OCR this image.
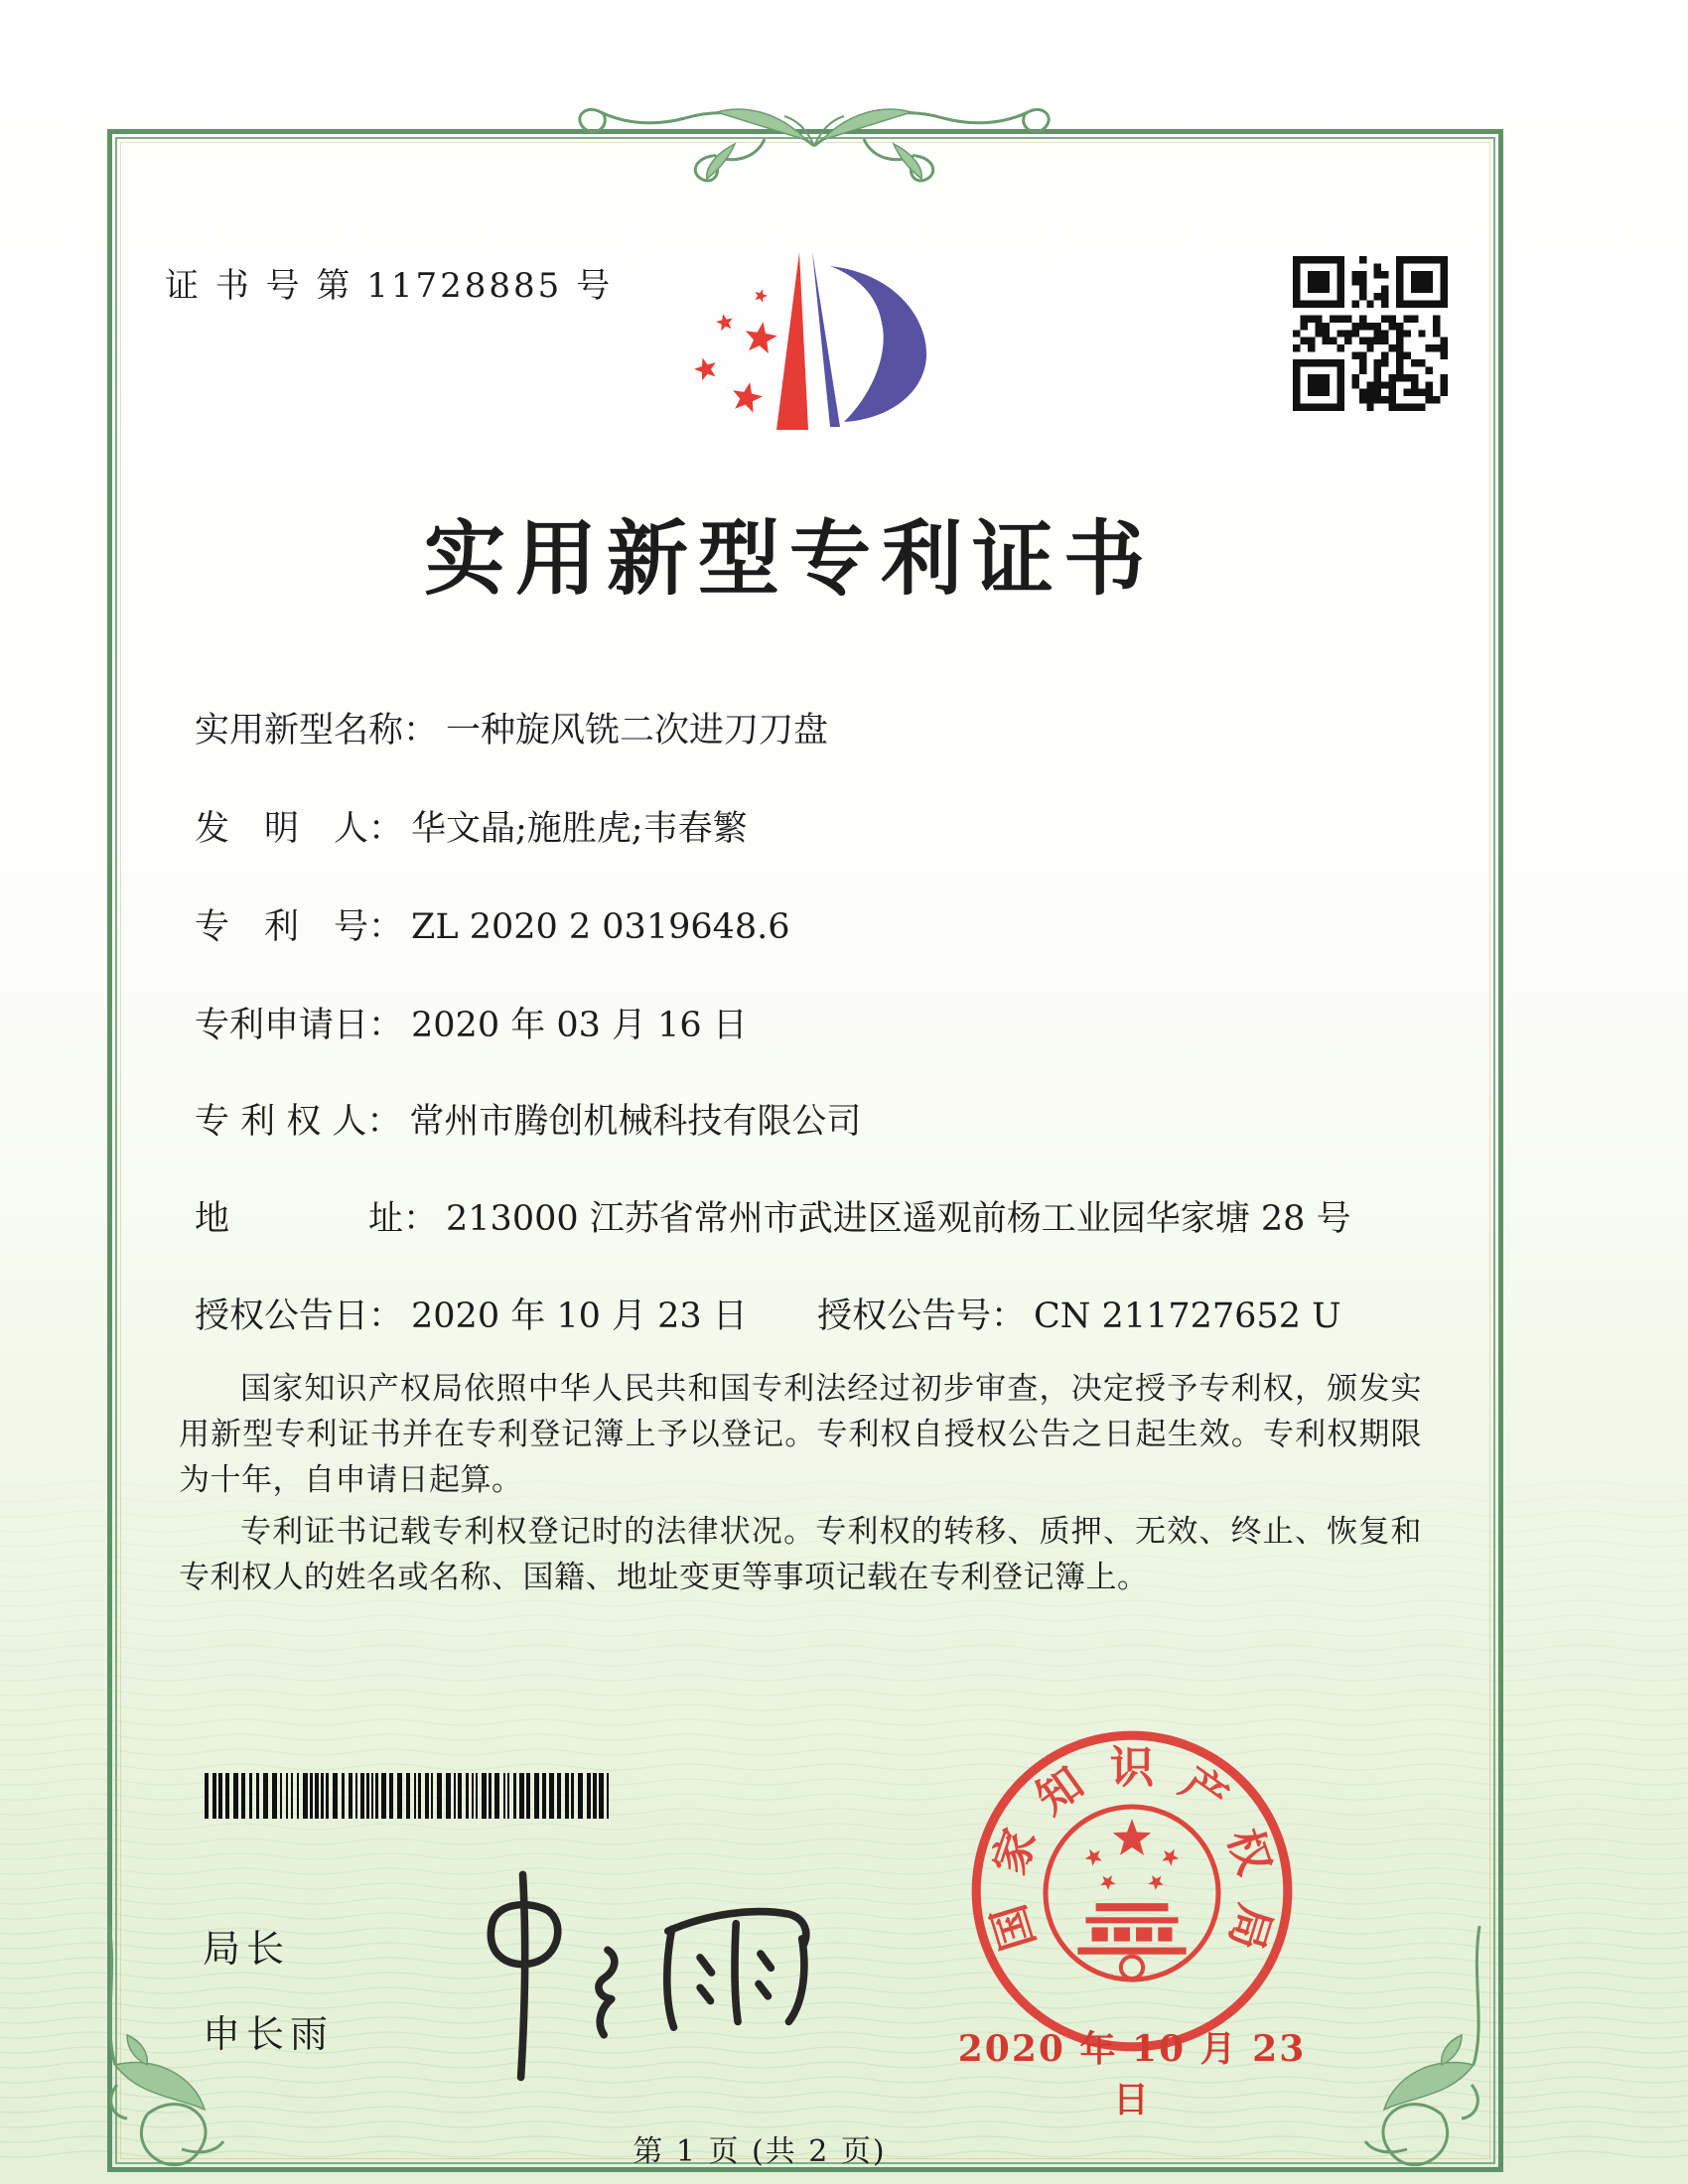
证 书 号 第 11728885 号
实用新型专利证书
实用新型名称： 一种旋风铣二次进刀刀盘
发　明　人： 华文晶;施胜虎;韦春繁
专　利　号： ZL 2020 2 0319648.6
专利申请日： 2020 年 03 月 16 日
专 利 权 人： 常州市腾创机械科技有限公司
地　　　　址： 213000 江苏省常州市武进区遥观前杨工业园华家塘 28 号
授权公告日： 2020 年 10 月 23 日 授权公告号： CN 211727652 U

国家知识产权局依照中华人民共和国专利法经过初步审查，决定授予专利权，颁发实用新型专利证书并在专利登记簿上予以登记。专利权自授权公告之日起生效。专利权期限为十年，自申请日起算。

专利证书记载专利权登记时的法律状况。专利权的转移、质押、无效、终止、恢复和专利权人的姓名或名称、国籍、地址变更等事项记载在专利登记簿上。

局长
申长雨
国
家
知 识 产
权
局
2020 年 10 月 23 日
第 1 页 (共 2 页)
